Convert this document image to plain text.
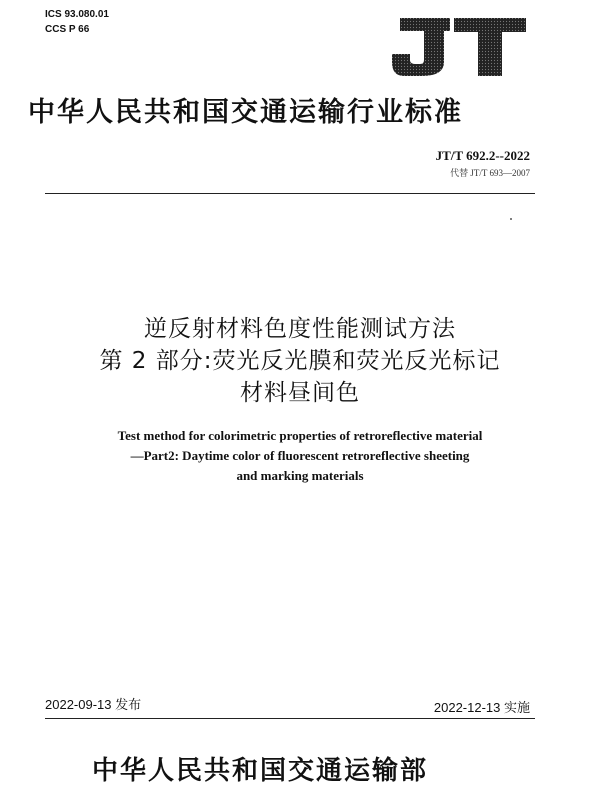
ICS 93.080.01
CCS P 66
中华人民共和国交通运输行业标准
JT/T 692.2--2022
代替 JT/T 693—2007
逆反射材料色度性能测试方法
第 2 部分:荧光反光膜和荧光反光标记
材料昼间色
Test method for colorimetric properties of retroreflective material
—Part2: Daytime color of fluorescent retroreflective sheeting
and marking materials
2022-09-13 发布	2022-12-13 实施
中华人民共和国交通运输部
